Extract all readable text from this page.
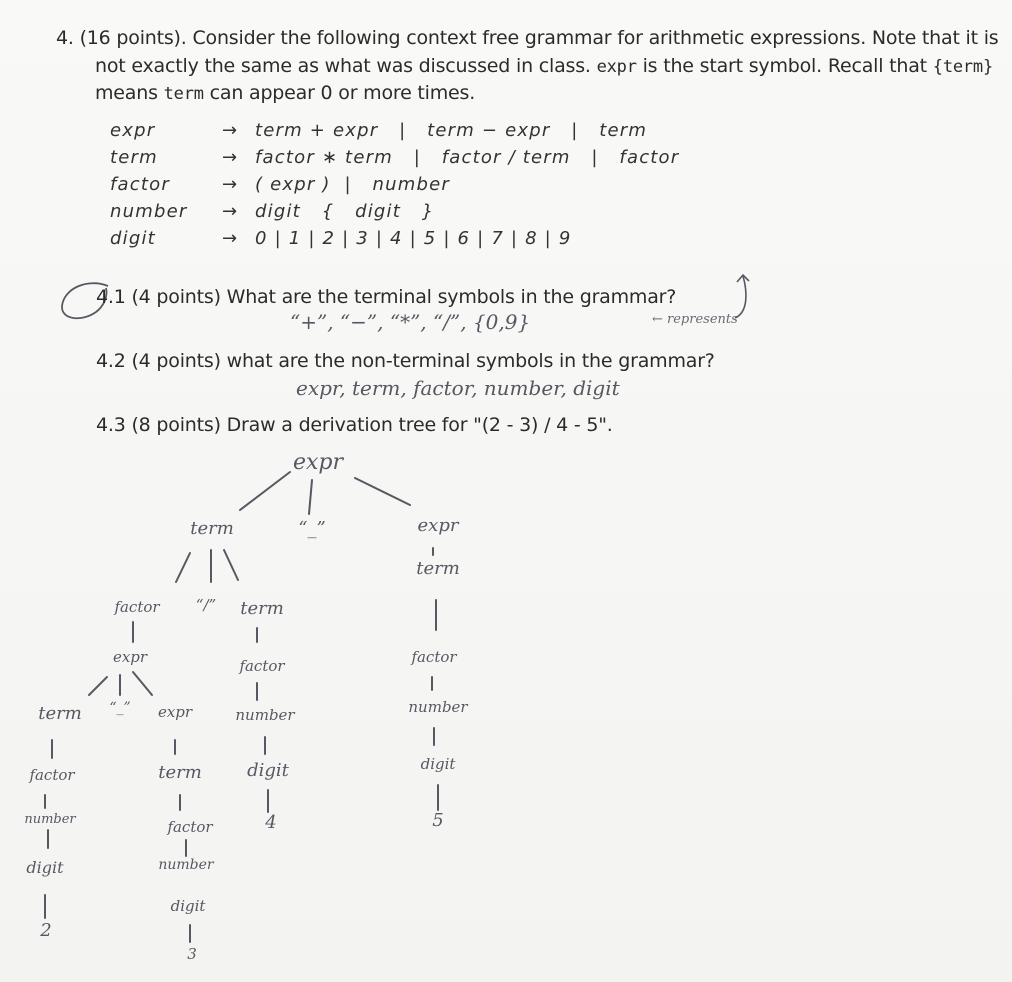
4. (16 points). Consider the following context free grammar for arithmetic expressions. Note that it is
not exactly the same as what was discussed in class. expr is the start symbol. Recall that {term}
means term can appear 0 or more times.
expr	→ term + expr   |   term − expr   |   term
term	→ factor ∗ term   |   factor / term   |   factor
factor	→ ( expr )  |   number
number → digit   {   digit   }
digit	→ 0 | 1 | 2 | 3 | 4 | 5 | 6 | 7 | 8 | 9
4.1 (4 points) What are the terminal symbols in the grammar?
“+”, “−”, “*”, “/”, {0,9}	← represents
4.2 (4 points) what are the non-terminal symbols in the grammar?
expr, term, factor, number, digit
4.3 (8 points) Draw a derivation tree for "(2 - 3) / 4 - 5".
expr
term	“_”	expr
factor “/” term
term
expr	factor	factor
term “_” expr	number	number
factor	term	digit	digit
number	factor	4	5
digit	number
2
digit
3
